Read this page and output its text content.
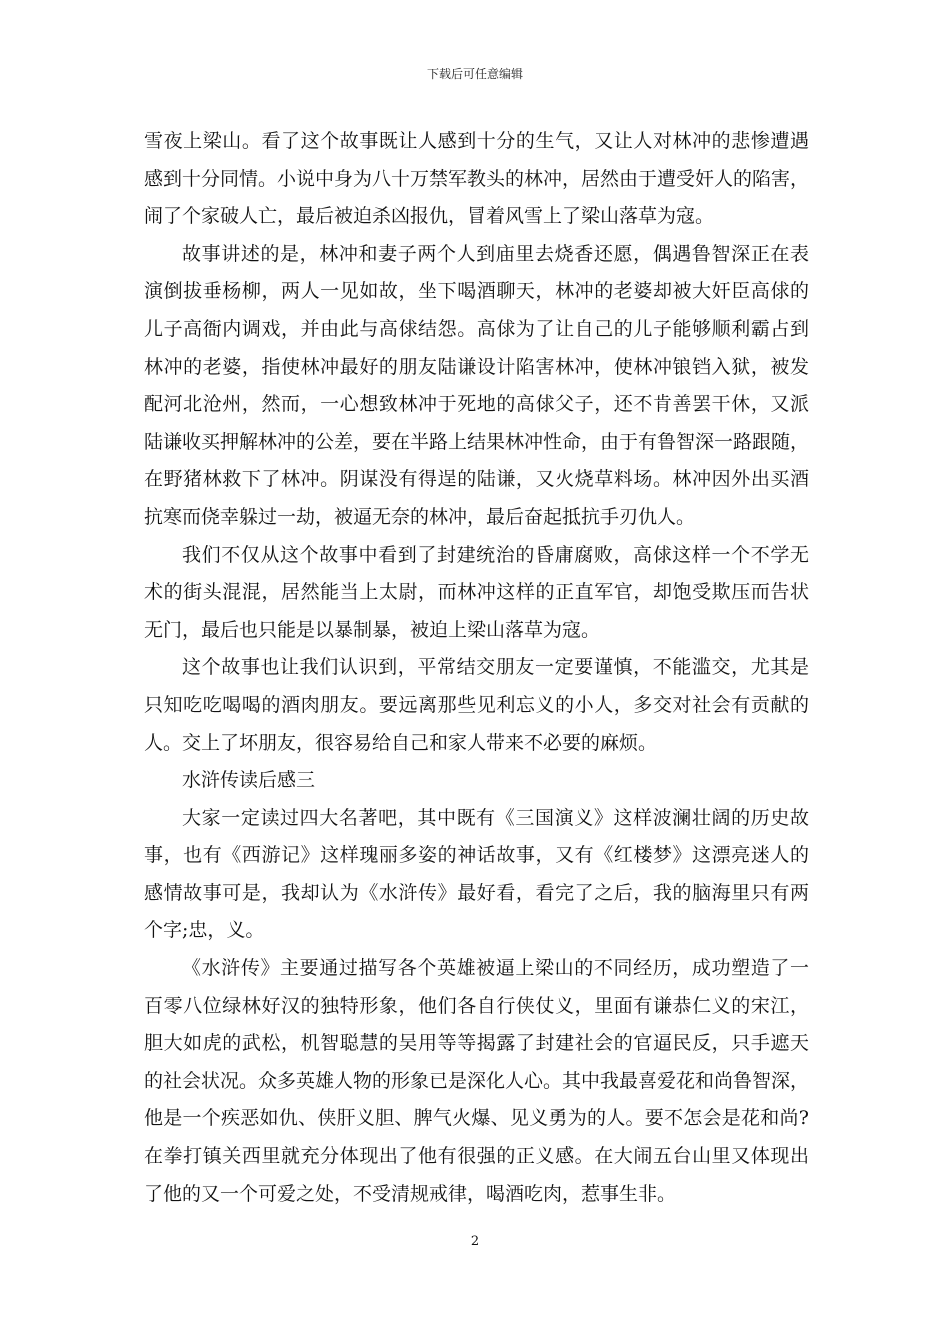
下载后可任意编辑
雪夜上梁山。看了这个故事既让人感到十分的生气，又让人对林冲的悲惨遭遇
感到十分同情。小说中身为八十万禁军教头的林冲，居然由于遭受奸人的陷害，
闹了个家破人亡，最后被迫杀凶报仇，冒着风雪上了梁山落草为寇。
故事讲述的是，林冲和妻子两个人到庙里去烧香还愿，偶遇鲁智深正在表
演倒拔垂杨柳，两人一见如故，坐下喝酒聊天，林冲的老婆却被大奸臣高俅的
儿子高衙内调戏，并由此与高俅结怨。高俅为了让自己的儿子能够顺利霸占到
林冲的老婆，指使林冲最好的朋友陆谦设计陷害林冲，使林冲锒铛入狱，被发
配河北沧州，然而，一心想致林冲于死地的高俅父子，还不肯善罢干休，又派
陆谦收买押解林冲的公差，要在半路上结果林冲性命，由于有鲁智深一路跟随，
在野猪林救下了林冲。阴谋没有得逞的陆谦，又火烧草料场。林冲因外出买酒
抗寒而侥幸躲过一劫，被逼无奈的林冲，最后奋起抵抗手刃仇人。
我们不仅从这个故事中看到了封建统治的昏庸腐败，高俅这样一个不学无
术的街头混混，居然能当上太尉，而林冲这样的正直军官，却饱受欺压而告状
无门，最后也只能是以暴制暴，被迫上梁山落草为寇。
这个故事也让我们认识到，平常结交朋友一定要谨慎，不能滥交，尤其是
只知吃吃喝喝的酒肉朋友。要远离那些见利忘义的小人，多交对社会有贡献的
人。交上了坏朋友，很容易给自己和家人带来不必要的麻烦。
水浒传读后感三
大家一定读过四大名著吧，其中既有《三国演义》这样波澜壮阔的历史故
事，也有《西游记》这样瑰丽多姿的神话故事，又有《红楼梦》这漂亮迷人的
感情故事可是，我却认为《水浒传》最好看，看完了之后，我的脑海里只有两
个字;忠，义。
《水浒传》主要通过描写各个英雄被逼上梁山的不同经历，成功塑造了一
百零八位绿林好汉的独特形象，他们各自行侠仗义，里面有谦恭仁义的宋江，
胆大如虎的武松，机智聪慧的吴用等等揭露了封建社会的官逼民反，只手遮天
的社会状况。众多英雄人物的形象已是深化人心。其中我最喜爱花和尚鲁智深，
他是一个疾恶如仇、侠肝义胆、脾气火爆、见义勇为的人。要不怎会是花和尚?
在拳打镇关西里就充分体现出了他有很强的正义感。在大闹五台山里又体现出
了他的又一个可爱之处，不受清规戒律，喝酒吃肉，惹事生非。
2
